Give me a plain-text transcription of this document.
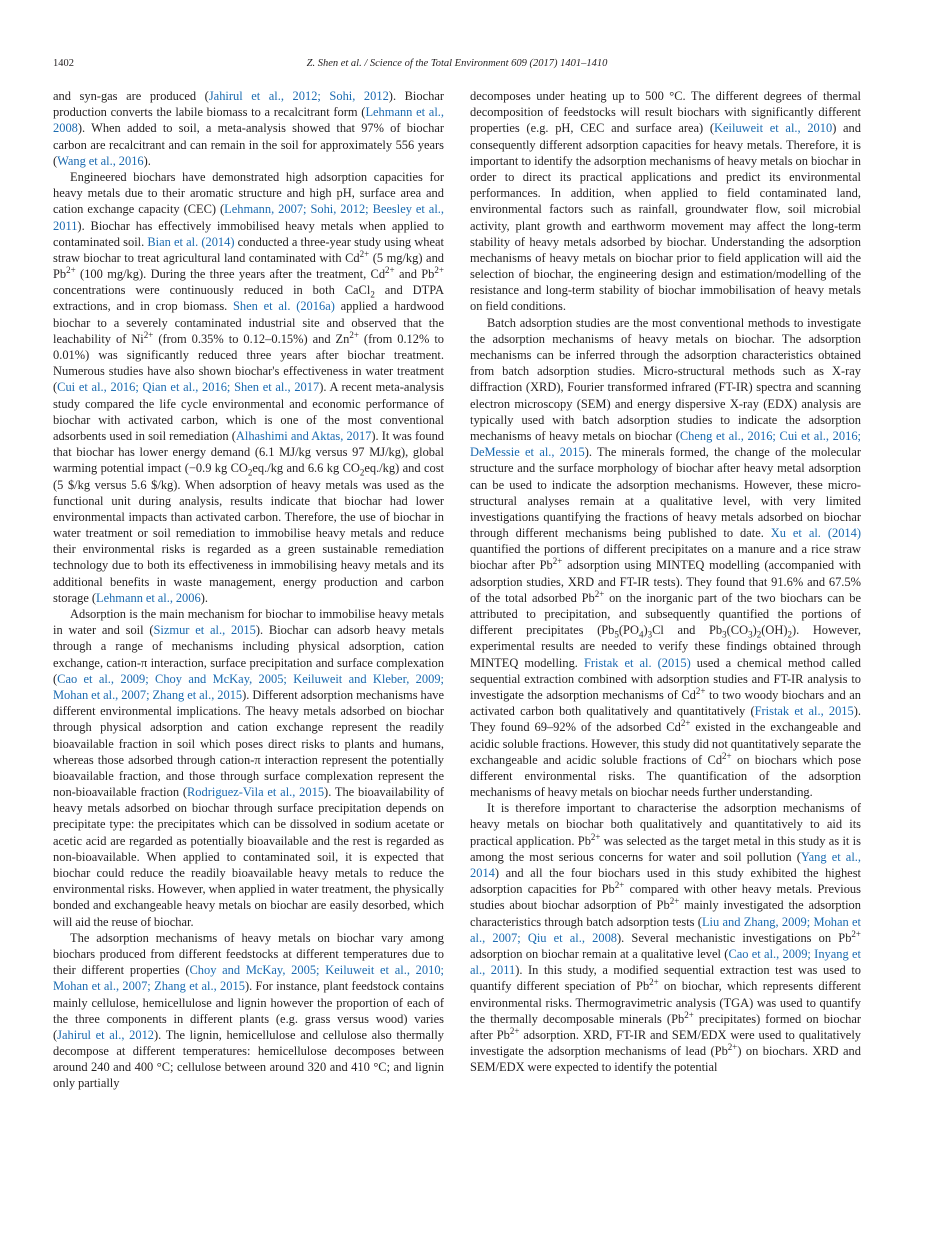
1402	Z. Shen et al. / Science of the Total Environment 609 (2017) 1401–1410

and syn-gas are produced (Jahirul et al., 2012; Sohi, 2012). Biochar production converts the labile biomass to a recalcitrant form (Lehmann et al., 2008). When added to soil, a meta-analysis showed that 97% of biochar carbon are recalcitrant and can remain in the soil for approximately 556 years (Wang et al., 2016).

Engineered biochars have demonstrated high adsorption capacities for heavy metals due to their aromatic structure and high pH, surface area and cation exchange capacity (CEC) (Lehmann, 2007; Sohi, 2012; Beesley et al., 2011). Biochar has effectively immobilised heavy metals when applied to contaminated soil. Bian et al. (2014) conducted a three-year study using wheat straw biochar to treat agricultural land contaminated with $Cd^{2+}$ (5 mg/kg) and $Pb^{2+}$ (100 mg/kg). During the three years after the treatment, $Cd^{2+}$ and $Pb^{2+}$ concentrations were continuously reduced in both CaCl$_2$ and DTPA extractions, and in crop biomass. Shen et al. (2016a) applied a hardwood biochar to a severely contaminated industrial site and observed that the leachability of $Ni^{2+}$ (from 0.35% to 0.12–0.15%) and $Zn^{2+}$ (from 0.12% to 0.01%) was significantly reduced three years after biochar treatment. Numerous studies have also shown biochar's effectiveness in water treatment (Cui et al., 2016; Qian et al., 2016; Shen et al., 2017). A recent meta-analysis study compared the life cycle environmental and economic performance of biochar with activated carbon, which is one of the most conventional adsorbents used in soil remediation (Alhashimi and Aktas, 2017). It was found that biochar has lower energy demand (6.1 MJ/kg versus 97 MJ/kg), global warming potential impact (−0.9 kg $CO_2eq./kg$ and 6.6 kg $CO_2eq./kg$) and cost (5 $/kg versus 5.6 $/kg). When adsorption of heavy metals was used as the functional unit during analysis, results indicate that biochar had lower environmental impacts than activated carbon. Therefore, the use of biochar in water treatment or soil remediation to immobilise heavy metals and reduce their environmental risks is regarded as a green sustainable remediation technology due to both its effectiveness in immobilising heavy metals and its additional benefits in waste management, energy production and carbon storage (Lehmann et al., 2006).

Adsorption is the main mechanism for biochar to immobilise heavy metals in water and soil (Sizmur et al., 2015). Biochar can adsorb heavy metals through a range of mechanisms including physical adsorption, cation exchange, cation-π interaction, surface precipitation and surface complexation (Cao et al., 2009; Choy and McKay, 2005; Keiluweit and Kleber, 2009; Mohan et al., 2007; Zhang et al., 2015). Different adsorption mechanisms have different environmental implications. The heavy metals adsorbed on biochar through physical adsorption and cation exchange represent the readily bioavailable fraction in soil which poses direct risks to plants and humans, whereas those adsorbed through cation-π interaction represent the potentially bioavailable fraction, and those through surface complexation represent the non-bioavailable fraction (Rodriguez-Vila et al., 2015). The bioavailability of heavy metals adsorbed on biochar through surface precipitation depends on precipitate type: the precipitates which can be dissolved in sodium acetate or acetic acid are regarded as potentially bioavailable and the rest is regarded as non-bioavailable. When applied to contaminated soil, it is expected that biochar could reduce the readily bioavailable heavy metals to reduce the environmental risks. However, when applied in water treatment, the physically bonded and exchangeable heavy metals on biochar are easily desorbed, which will aid the reuse of biochar.

The adsorption mechanisms of heavy metals on biochar vary among biochars produced from different feedstocks at different temperatures due to their different properties (Choy and McKay, 2005; Keiluweit et al., 2010; Mohan et al., 2007; Zhang et al., 2015). For instance, plant feedstock contains mainly cellulose, hemicellulose and lignin however the proportion of each of the three components in different plants (e.g. grass versus wood) varies (Jahirul et al., 2012). The lignin, hemicellulose and cellulose also thermally decompose at different temperatures: hemicellulose decomposes between around 240 and 400 °C; cellulose between around 320 and 410 °C; and lignin only partially

decomposes under heating up to 500 °C. The different degrees of thermal decomposition of feedstocks will result biochars with significantly different properties (e.g. pH, CEC and surface area) (Keiluweit et al., 2010) and consequently different adsorption capacities for heavy metals. Therefore, it is important to identify the adsorption mechanisms of heavy metals on biochar in order to direct its practical applications and predict its environmental performances. In addition, when applied to field contaminated land, environmental factors such as rainfall, groundwater flow, soil microbial activity, plant growth and earthworm movement may affect the long-term stability of heavy metals adsorbed by biochar. Understanding the adsorption mechanisms of heavy metals on biochar prior to field application will aid the selection of biochar, the engineering design and estimation/modelling of the resistance and long-term stability of biochar immobilisation of heavy metals on field conditions.

Batch adsorption studies are the most conventional methods to investigate the adsorption mechanisms of heavy metals on biochar. The adsorption mechanisms can be inferred through the adsorption characteristics obtained from batch adsorption studies. Micro-structural methods such as X-ray diffraction (XRD), Fourier transformed infrared (FT-IR) spectra and scanning electron microscopy (SEM) and energy dispersive X-ray (EDX) analysis are typically used with batch adsorption studies to indicate the adsorption mechanisms of heavy metals on biochar (Cheng et al., 2016; Cui et al., 2016; DeMessie et al., 2015). The minerals formed, the change of the molecular structure and the surface morphology of biochar after heavy metal adsorption can be used to indicate the adsorption mechanisms. However, these micro-structural analyses remain at a qualitative level, with very limited investigations quantifying the fractions of heavy metals adsorbed on biochar through different mechanisms being published to date. Xu et al. (2014) quantified the portions of different precipitates on a manure and a rice straw biochar after $Pb^{2+}$ adsorption using MINTEQ modelling (accompanied with adsorption studies, XRD and FT-IR tests). They found that 91.6% and 67.5% of the total adsorbed $Pb^{2+}$ on the inorganic part of the two biochars can be attributed to precipitation, and subsequently quantified the portions of different precipitates ($Pb_5(PO_4)_3Cl$ and $Pb_3(CO_3)_2(OH)_2$). However, experimental results are needed to verify these findings obtained through MINTEQ modelling. Fristak et al. (2015) used a chemical method called sequential extraction combined with adsorption studies and FT-IR analysis to investigate the adsorption mechanisms of $Cd^{2+}$ to two woody biochars and an activated carbon both qualitatively and quantitatively (Fristak et al., 2015). They found 69–92% of the adsorbed $Cd^{2+}$ existed in the exchangeable and acidic soluble fractions. However, this study did not quantitatively separate the exchangeable and acidic soluble fractions of $Cd^{2+}$ on biochars which pose different environmental risks. The quantification of the adsorption mechanisms of heavy metals on biochar needs further understanding.

It is therefore important to characterise the adsorption mechanisms of heavy metals on biochar both qualitatively and quantitatively to aid its practical application. $Pb^{2+}$ was selected as the target metal in this study as it is among the most serious concerns for water and soil pollution (Yang et al., 2014) and all the four biochars used in this study exhibited the highest adsorption capacities for $Pb^{2+}$ compared with other heavy metals. Previous studies about biochar adsorption of $Pb^{2+}$ mainly investigated the adsorption characteristics through batch adsorption tests (Liu and Zhang, 2009; Mohan et al., 2007; Qiu et al., 2008). Several mechanistic investigations on $Pb^{2+}$ adsorption on biochar remain at a qualitative level (Cao et al., 2009; Inyang et al., 2011). In this study, a modified sequential extraction test was used to quantify different speciation of $Pb^{2+}$ on biochar, which represents different environmental risks. Thermogravimetric analysis (TGA) was used to quantify the thermally decomposable minerals ($Pb^{2+}$ precipitates) formed on biochar after $Pb^{2+}$ adsorption. XRD, FT-IR and SEM/EDX were used to qualitatively investigate the adsorption mechanisms of lead $(Pb^{2+})$ on biochars. XRD and SEM/EDX were expected to identify the potential
